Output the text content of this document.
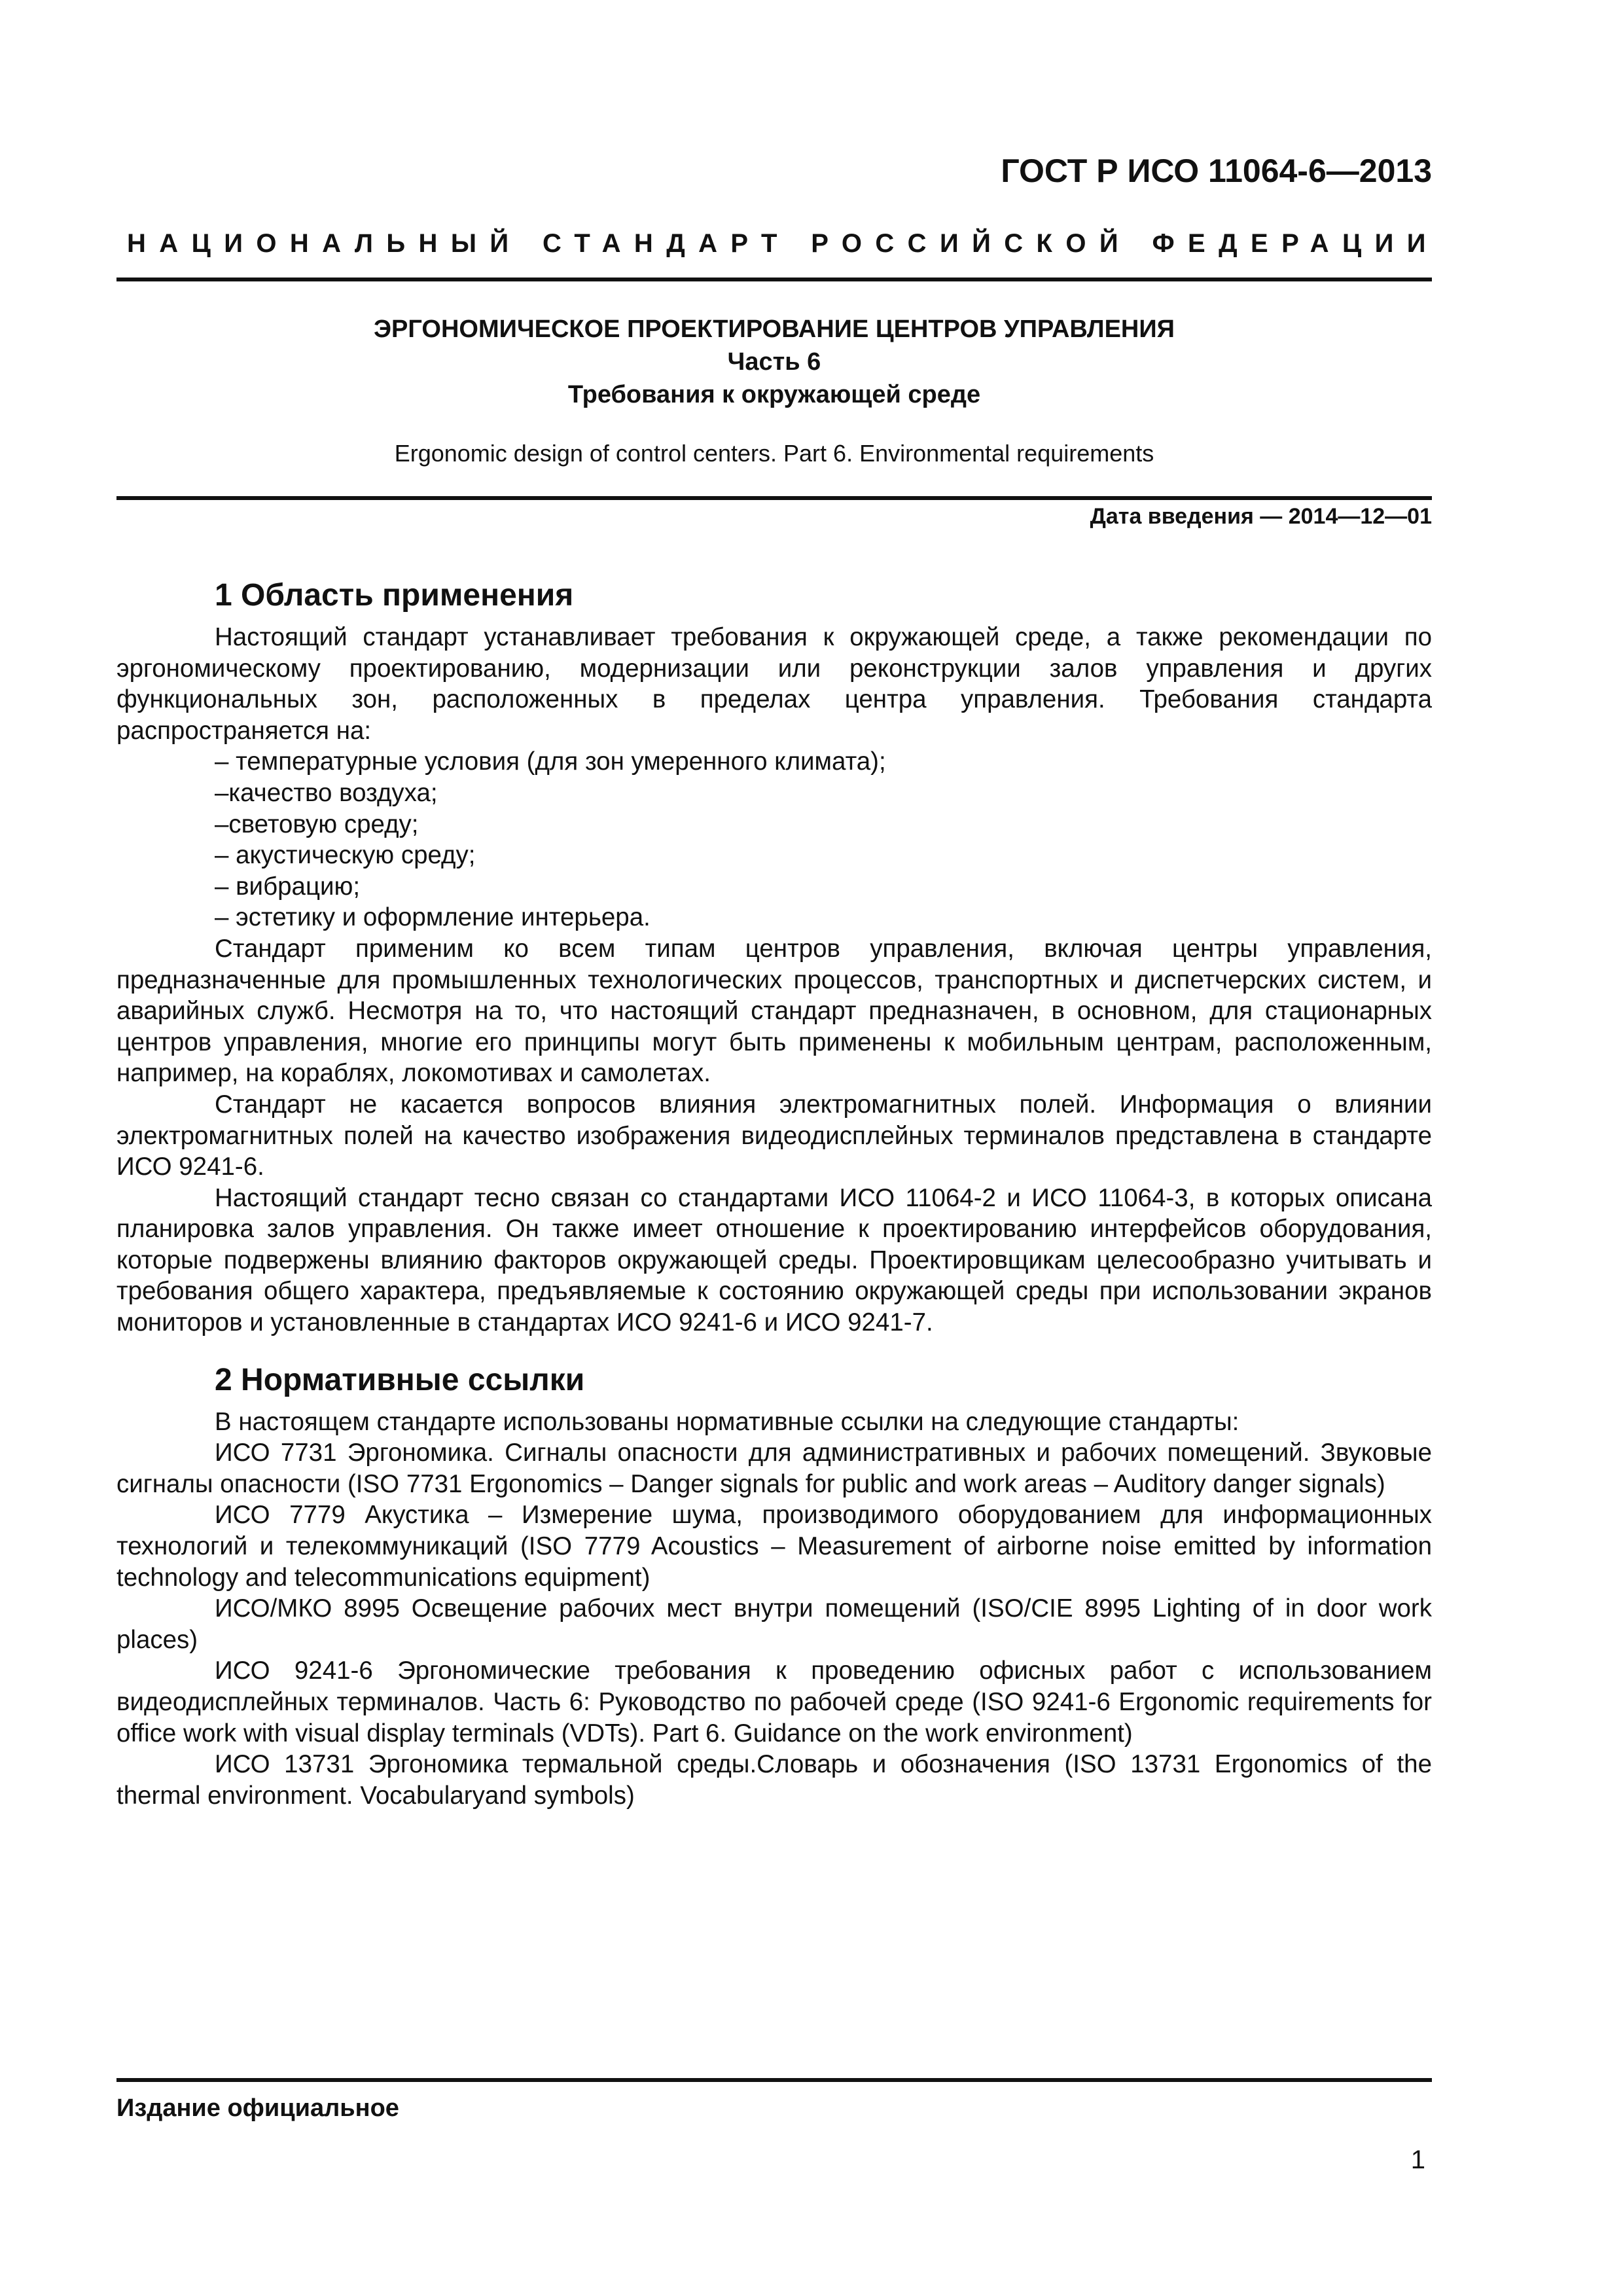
ГОСТ Р ИСО 11064-6—2013
НАЦИОНАЛЬНЫЙ СТАНДАРТ РОССИЙСКОЙ ФЕДЕРАЦИИ
ЭРГОНОМИЧЕСКОЕ ПРОЕКТИРОВАНИЕ ЦЕНТРОВ УПРАВЛЕНИЯ
Часть 6
Требования к окружающей среде
Ergonomic design of control centers. Part 6. Environmental requirements
Дата введения — 2014—12—01
1 Область применения

Настоящий стандарт устанавливает требования к окружающей среде, а также рекомендации по эргономическому проектированию, модернизации или реконструкции залов управления и других функциональных зон, расположенных в пределах центра управления. Требования стандарта распространяется на:

– температурные условия (для зон умеренного климата);

–качество воздуха;

–световую среду;

– акустическую среду;

– вибрацию;

– эстетику и оформление интерьера.

Стандарт применим ко всем типам центров управления, включая центры управления, предназначенные для промышленных технологических процессов, транспортных и диспетчерских систем, и аварийных служб. Несмотря на то, что настоящий стандарт предназначен, в основном, для стационарных центров управления, многие его принципы могут быть применены к мобильным центрам, расположенным, например, на кораблях, локомотивах и самолетах.

Стандарт не касается вопросов влияния электромагнитных полей. Информация о влиянии электромагнитных полей на качество изображения видеодисплейных терминалов представлена в стандарте ИСО 9241-6.

Настоящий стандарт тесно связан со стандартами ИСО 11064-2 и ИСО 11064-3, в которых описана планировка залов управления. Он также имеет отношение к проектированию интерфейсов оборудования, которые подвержены влиянию факторов окружающей среды. Проектировщикам целесообразно учитывать и требования общего характера, предъявляемые к состоянию окружающей среды при использовании экранов мониторов и установленные в стандартах ИСО 9241-6 и ИСО 9241-7.

2 Нормативные ссылки

В настоящем стандарте использованы нормативные ссылки на следующие стандарты:

ИСО 7731 Эргономика. Сигналы опасности для административных и рабочих помещений. Звуковые сигналы опасности (ISO 7731 Ergonomics – Danger signals for public and work areas – Auditory danger signals)

ИСО 7779 Акустика – Измерение шума, производимого оборудованием для информационных технологий и телекоммуникаций (ISO 7779 Acoustics – Measurement of airborne noise emitted by information technology and telecommunications equipment)

ИСО/МКО 8995 Освещение рабочих мест внутри помещений (ISO/CIE 8995 Lighting of in door work places)

ИСО 9241-6 Эргономические требования к проведению офисных работ с использованием видеодисплейных терминалов. Часть 6: Руководство по рабочей среде (ISO 9241-6 Ergonomic requirements for office work with visual display terminals (VDTs). Part 6. Guidance on the work environment)

ИСО 13731 Эргономика термальной среды.Словарь и обозначения (ISO 13731 Ergonomics of the thermal environment. Vocabularyand symbols)

Издание официальное
1
